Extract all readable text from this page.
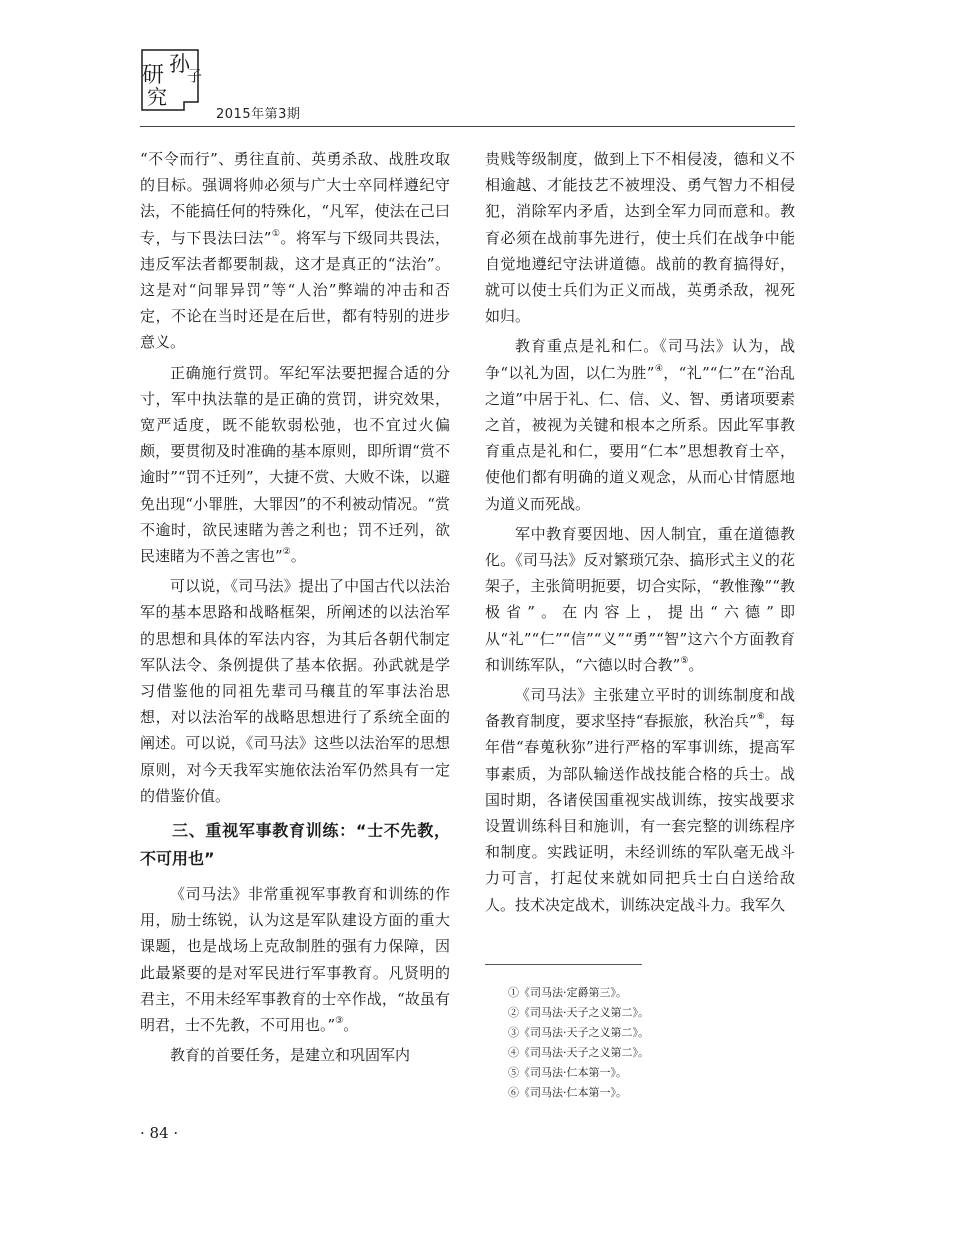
孙
子
研
究
2015年第3期

“不令而行”、勇往直前、英勇杀敌、战胜攻取的目标。强调将帅必须与广大士卒同样遵纪守法，不能搞任何的特殊化，“凡军，使法在己曰专，与下畏法曰法”①。将军与下级同共畏法，违反军法者都要制裁，这才是真正的“法治”。这是对“问罪异罚”等“人治”弊端的冲击和否定，不论在当时还是在后世，都有特别的进步意义。

正确施行赏罚。军纪军法要把握合适的分寸，军中执法靠的是正确的赏罚，讲究效果，宽严适度，既不能软弱松弛，也不宜过火偏颇，要贯彻及时准确的基本原则，即所谓“赏不逾时”“罚不迁列”，大捷不赏、大败不诛，以避免出现“小罪胜，大罪因”的不利被动情况。“赏不逾时，欲民速睹为善之利也；罚不迁列，欲民速睹为不善之害也”②。

可以说，《司马法》提出了中国古代以法治军的基本思路和战略框架，所阐述的以法治军的思想和具体的军法内容，为其后各朝代制定军队法令、条例提供了基本依据。孙武就是学习借鉴他的同祖先辈司马穰苴的军事法治思想，对以法治军的战略思想进行了系统全面的阐述。可以说，《司马法》这些以法治军的思想原则，对今天我军实施依法治军仍然具有一定的借鉴价值。

三、重视军事教育训练：“士不先教，不可用也”

《司马法》非常重视军事教育和训练的作用，励士练锐，认为这是军队建设方面的重大课题，也是战场上克敌制胜的强有力保障，因此最紧要的是对军民进行军事教育。凡贤明的君主，不用未经军事教育的士卒作战，“故虽有明君，士不先教，不可用也。”③。

教育的首要任务，是建立和巩固军内

贵贱等级制度，做到上下不相侵凌，德和义不相逾越、才能技艺不被埋没、勇气智力不相侵犯，消除军内矛盾，达到全军力同而意和。教育必须在战前事先进行，使士兵们在战争中能自觉地遵纪守法讲道德。战前的教育搞得好，就可以使士兵们为正义而战，英勇杀敌，视死如归。

教育重点是礼和仁。《司马法》认为，战争“以礼为固，以仁为胜”④，“礼”“仁”在“治乱之道”中居于礼、仁、信、义、智、勇诸项要素之首，被视为关键和根本之所系。因此军事教育重点是礼和仁，要用“仁本”思想教育士卒，使他们都有明确的道义观念，从而心甘情愿地为道义而死战。

军中教育要因地、因人制宜，重在道德教化。《司马法》反对繁琐冗杂、搞形式主义的花架子，主张简明扼要，切合实际，“教惟豫”“教极省”。在内容上，提出“六德”即从“礼”“仁”“信”“义”“勇”“智”这六个方面教育和训练军队，“六德以时合教”⑤。

《司马法》主张建立平时的训练制度和战备教育制度，要求坚持“春振旅，秋治兵”⑥，每年借“春蒐秋狝”进行严格的军事训练，提高军事素质，为部队输送作战技能合格的兵士。战国时期，各诸侯国重视实战训练，按实战要求设置训练科目和施训，有一套完整的训练程序和制度。实践证明，未经训练的军队毫无战斗力可言，打起仗来就如同把兵士白白送给敌人。技术决定战术，训练决定战斗力。我军久

①《司马法·定爵第三》。
②《司马法·天子之义第二》。
③《司马法·天子之义第二》。
④《司马法·天子之义第二》。
⑤《司马法·仁本第一》。
⑥《司马法·仁本第一》。
· 84 ·
